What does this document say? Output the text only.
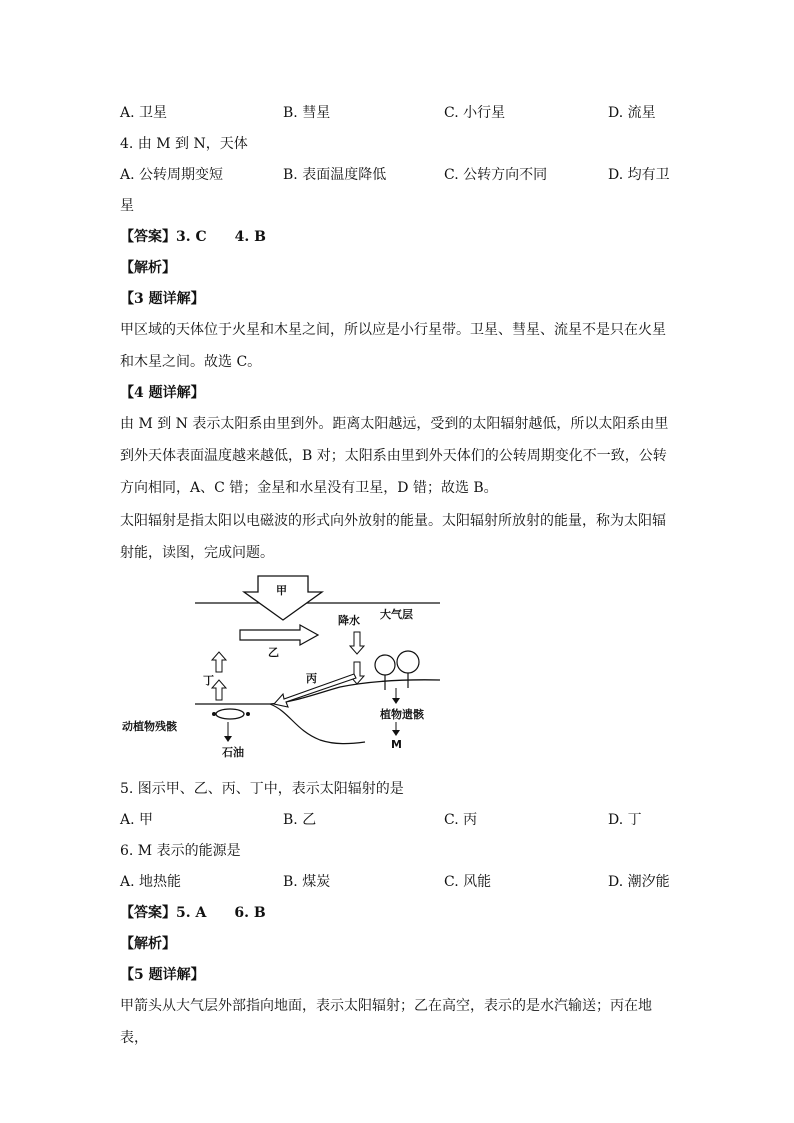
A. 卫星	B. 彗星	C. 小行星	D. 流星
4. 由 M 到 N，天体
A. 公转周期变短	B. 表面温度降低	C. 公转方向不同	D. 均有卫
星
【答案】3. C　　4. B
【解析】
【3 题详解】
甲区域的天体位于火星和木星之间，所以应是小行星带。卫星、彗星、流星不是只在火星和木星之间。故选 C。
【4 题详解】
由 M 到 N 表示太阳系由里到外。距离太阳越远，受到的太阳辐射越低，所以太阳系由里到外天体表面温度越来越低，B 对；太阳系由里到外天体们的公转周期变化不一致，公转方向相同，A、C 错；金星和水星没有卫星，D 错；故选 B。
太阳辐射是指太阳以电磁波的形式向外放射的能量。太阳辐射所放射的能量，称为太阳辐射能，读图，完成问题。
甲
大气层
乙
降水
丙
丁
动植物残骸
石油
植物遗骸
M
5. 图示甲、乙、丙、丁中，表示太阳辐射的是
A. 甲	B. 乙	C. 丙	D. 丁
6. M 表示的能源是
A. 地热能	B. 煤炭	C. 风能	D. 潮汐能
【答案】5. A　　6. B
【解析】
【5 题详解】
甲箭头从大气层外部指向地面，表示太阳辐射；乙在高空，表示的是水汽输送；丙在地表，
